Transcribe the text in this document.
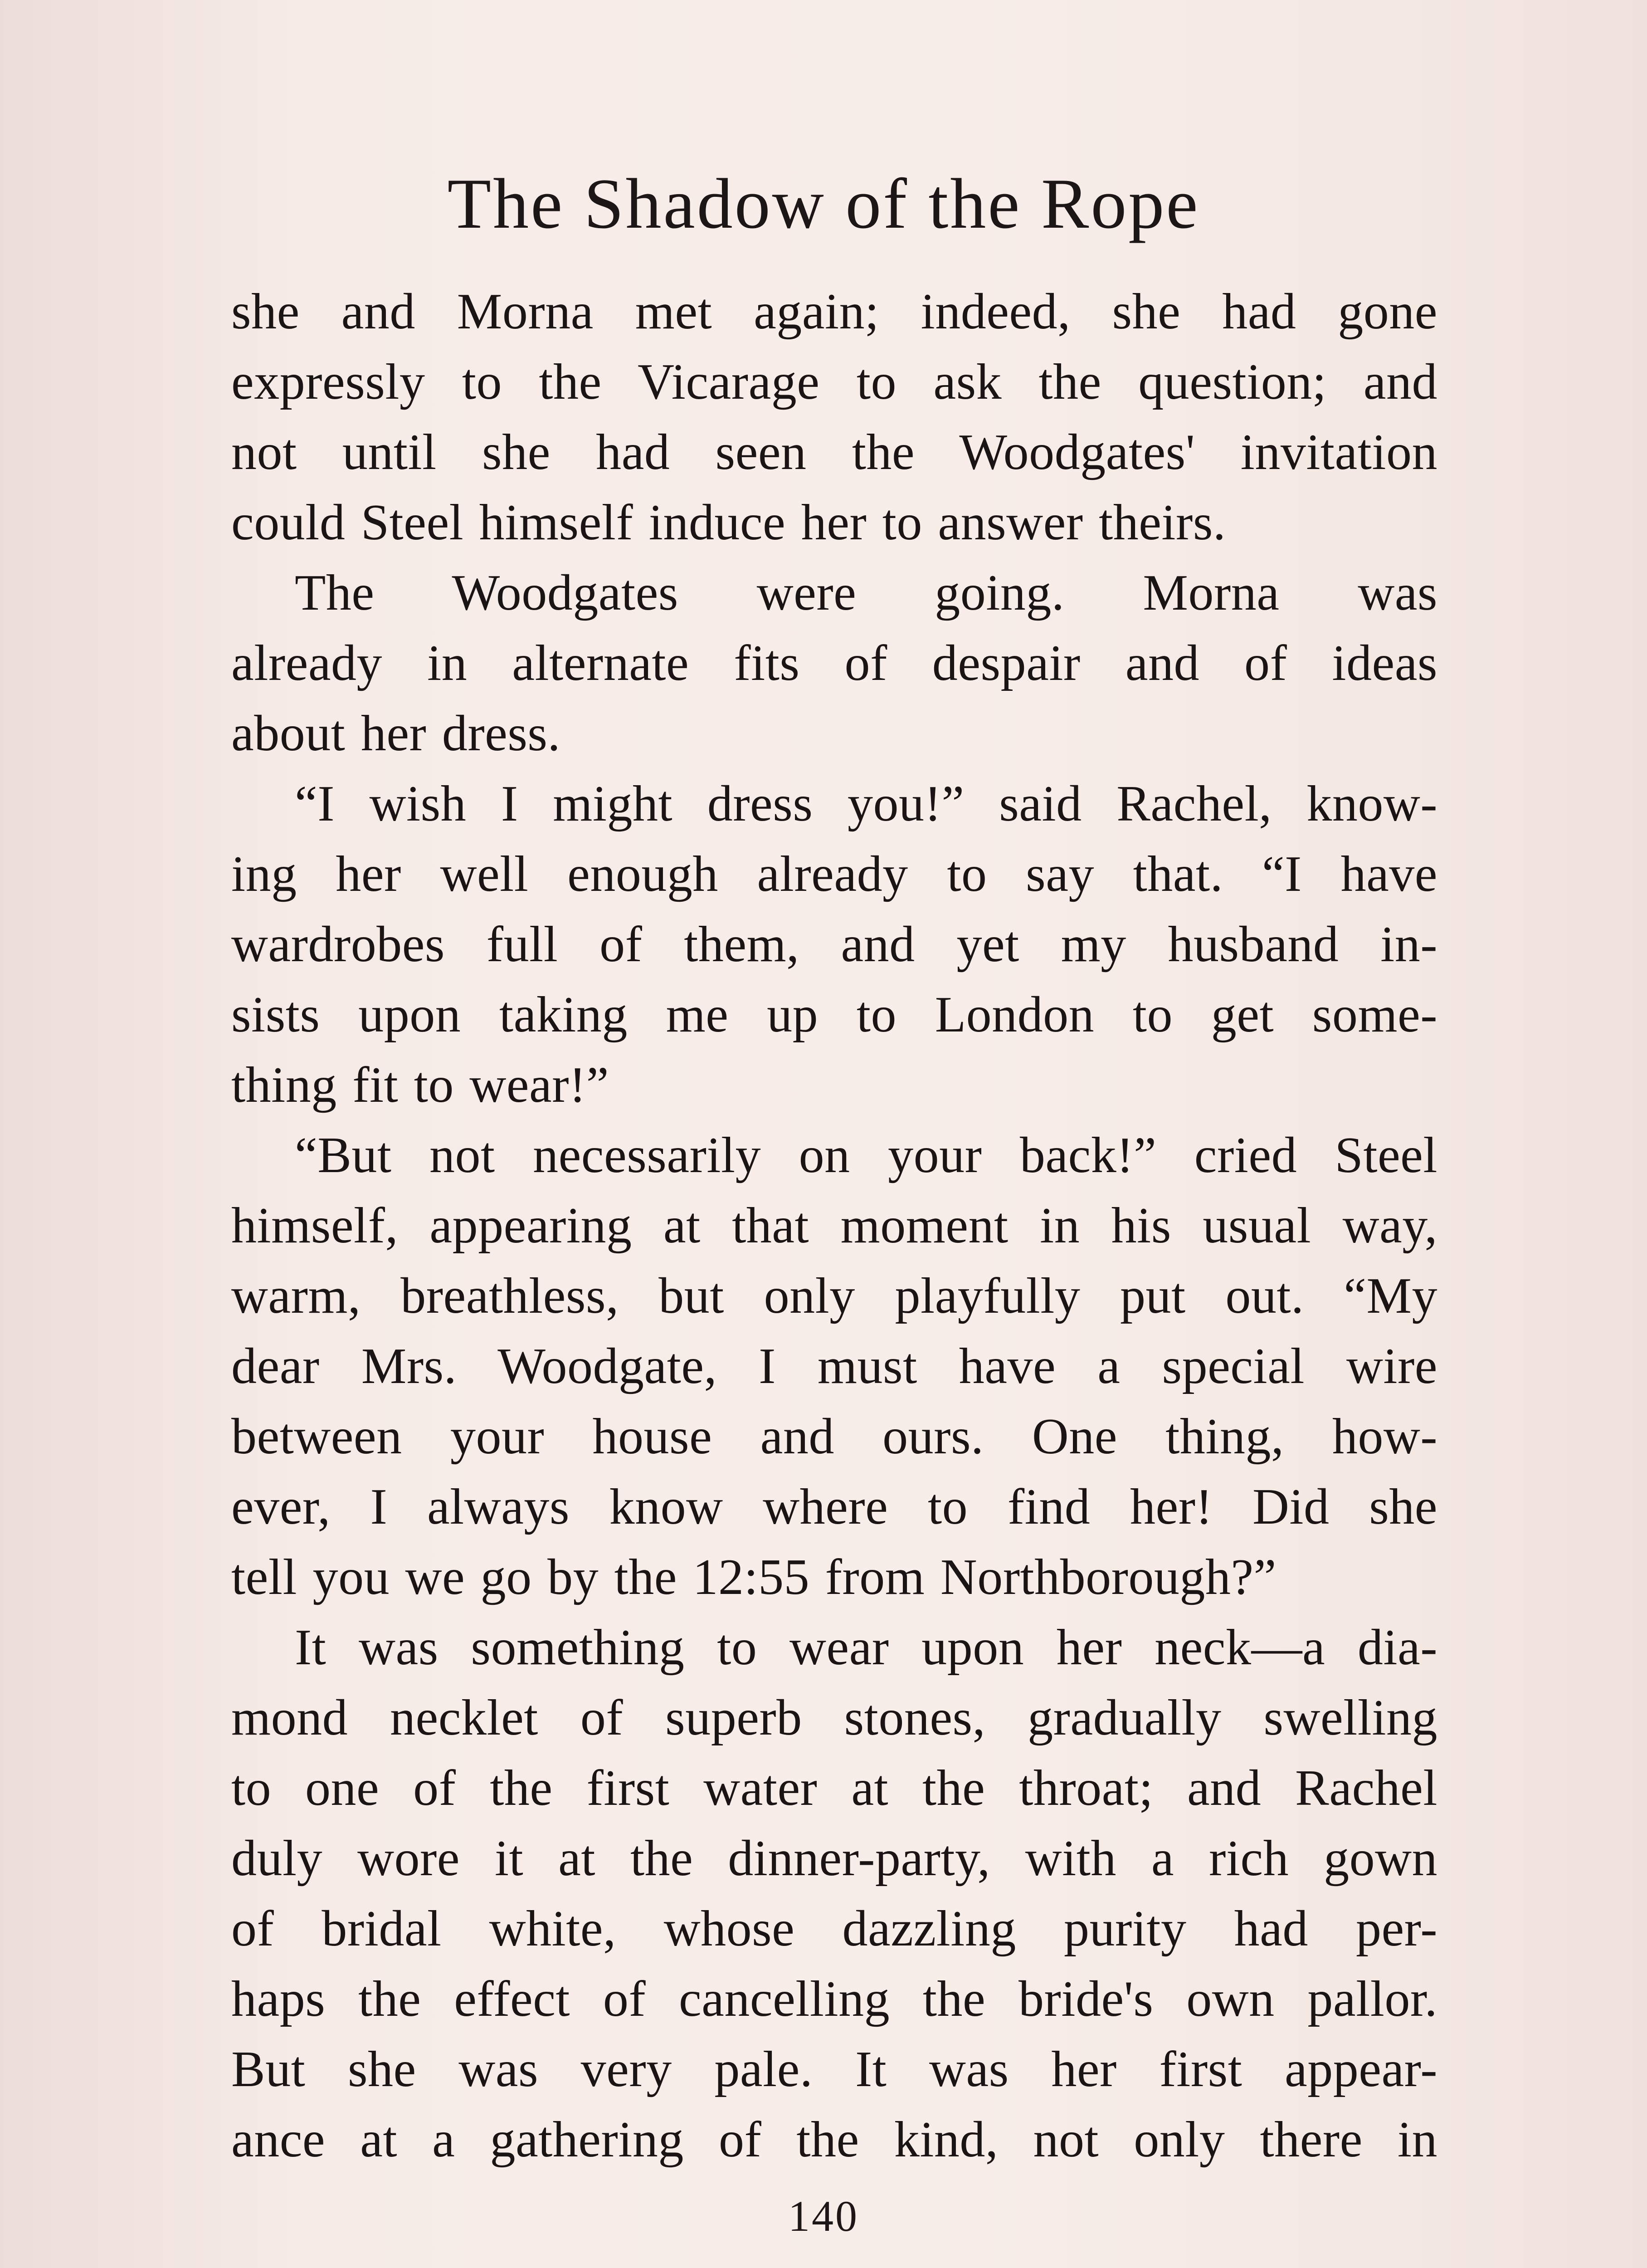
The Shadow of the Rope
she and Morna met again; indeed, she had gone
expressly to the Vicarage to ask the question; and
not until she had seen the Woodgates' invitation
could Steel himself induce her to answer theirs.
The Woodgates were going. Morna was
already in alternate fits of despair and of ideas
about her dress.
“I wish I might dress you!” said Rachel, know-
ing her well enough already to say that. “I have
wardrobes full of them, and yet my husband in-
sists upon taking me up to London to get some-
thing fit to wear!”
“But not necessarily on your back!” cried Steel
himself, appearing at that moment in his usual way,
warm, breathless, but only playfully put out. “My
dear Mrs. Woodgate, I must have a special wire
between your house and ours. One thing, how-
ever, I always know where to find her! Did she
tell you we go by the 12:55 from Northborough?”
It was something to wear upon her neck—a dia-
mond necklet of superb stones, gradually swelling
to one of the first water at the throat; and Rachel
duly wore it at the dinner-party, with a rich gown
of bridal white, whose dazzling purity had per-
haps the effect of cancelling the bride's own pallor.
But she was very pale. It was her first appear-
ance at a gathering of the kind, not only there in
140
